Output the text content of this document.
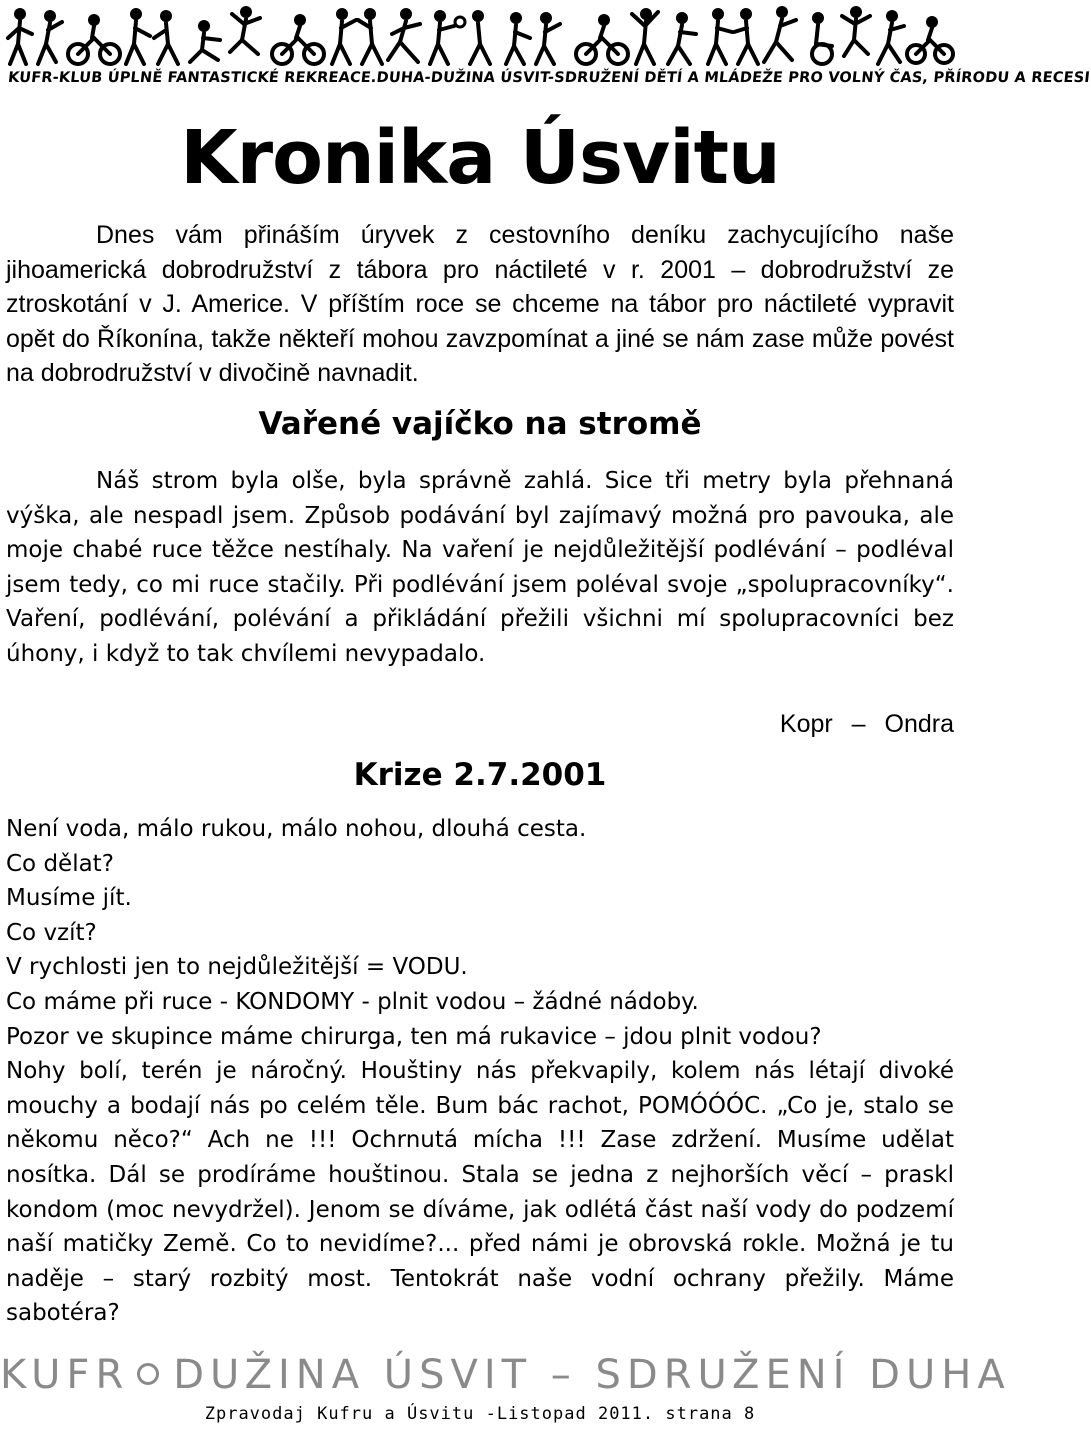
KUFR-KLUB ÚPLNĚ FANTASTICKÉ REKREACE.DUHA-DUŽINA ÚSVIT-SDRUŽENÍ DĚTÍ A MLÁDEŽE PRO VOLNÝ ČAS, PŘÍRODU A RECESI
Kronika Úsvitu

Dnes vám přináším úryvek z cestovního deníku zachycujícího naše jihoamerická dobrodružství z tábora pro náctileté v r. 2001 – dobrodružství ze ztroskotání v J. Americe. V příštím roce se chceme na tábor pro náctileté vypravit opět do Říkonína, takže někteří mohou zavzpomínat a jiné se nám zase může povést na dobrodružství v divočině navnadit.

Vařené vajíčko na stromě

Náš strom byla olše, byla správně zahlá. Sice tři metry byla přehnaná výška, ale nespadl jsem. Způsob podávání byl zajímavý možná pro pavouka, ale moje chabé ruce těžce nestíhaly. Na vaření je nejdůležitější podlévání – podléval jsem tedy, co mi ruce stačily. Při podlévání jsem poléval svoje „spolupracovníky“. Vaření, podlévání, polévání a přikládání přežili všichni mí spolupracovníci bez úhony, i když to tak chvílemi nevypadalo.

Kopr – Ondra
Krize 2.7.2001
Není voda, málo rukou, málo nohou, dlouhá cesta.
Co dělat?
Musíme jít.
Co vzít?
V rychlosti jen to nejdůležitější = VODU.
Co máme při ruce - KONDOMY - plnit vodou – žádné nádoby.
Pozor ve skupince máme chirurga, ten má rukavice – jdou plnit vodou?
Nohy bolí, terén je náročný. Houštiny nás překvapily, kolem nás létají divoké mouchy a bodají nás po celém těle. Bum bác rachot, POMÓÓÓC. „Co je, stalo se někomu něco?“ Ach ne !!! Ochrnutá mícha !!! Zase zdržení. Musíme udělat nosítka. Dál se prodíráme houštinou. Stala se jedna z nejhorších věcí – praskl kondom (moc nevydržel). Jenom se díváme, jak odlétá část naší vody do podzemí naší matičky Země. Co to nevidíme?... před námi je obrovská rokle. Možná je tu naděje – starý rozbitý most. Tentokrát naše vodní ochrany přežily. Máme sabotéra?
KUFR DUŽINA ÚSVIT – SDRUŽENÍ DUHA
Zpravodaj Kufru a Úsvitu -Listopad 2011. strana 8
